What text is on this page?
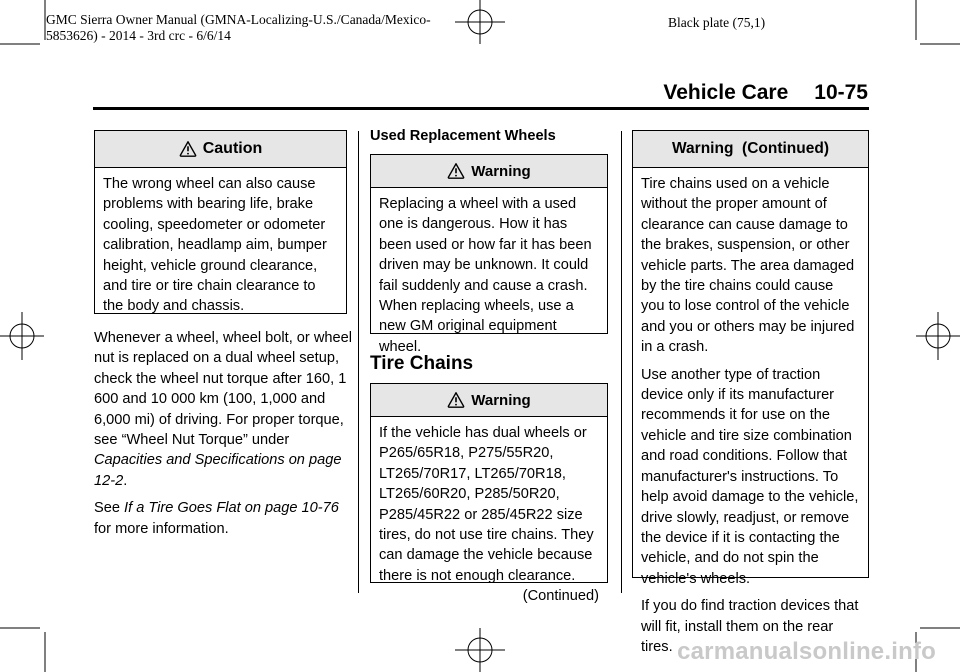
GMC Sierra Owner Manual (GMNA-Localizing-U.S./Canada/Mexico-
5853626) - 2014 - 3rd crc - 6/6/14
Black plate (75,1)
Vehicle Care 10-75
Caution

The wrong wheel can also cause problems with bearing life, brake cooling, speedometer or odometer calibration, headlamp aim, bumper height, vehicle ground clearance, and tire or tire chain clearance to the body and chassis.

Whenever a wheel, wheel bolt, or wheel nut is replaced on a dual wheel setup, check the wheel nut torque after 160, 1 600 and 10 000 km (100, 1,000 and 6,000 mi) of driving. For proper torque, see “Wheel Nut Torque” under Capacities and Specifications on page 12-2.

See If a Tire Goes Flat on page 10-76 for more information.

Used Replacement Wheels
Warning

Replacing a wheel with a used one is dangerous. How it has been used or how far it has been driven may be unknown. It could fail suddenly and cause a crash. When replacing wheels, use a new GM original equipment wheel.

Tire Chains
Warning

If the vehicle has dual wheels or P265/65R18, P275/55R20, LT265/70R17, LT265/70R18, LT265/60R20, P285/50R20, P285/45R22 or 285/45R22 size tires, do not use tire chains. They can damage the vehicle because there is not enough clearance.

(Continued)

Warning  (Continued)

Tire chains used on a vehicle without the proper amount of clearance can cause damage to the brakes, suspension, or other vehicle parts. The area damaged by the tire chains could cause you to lose control of the vehicle and you or others may be injured in a crash.

Use another type of traction device only if its manufacturer recommends it for use on the vehicle and tire size combination and road conditions. Follow that manufacturer's instructions. To help avoid damage to the vehicle, drive slowly, readjust, or remove the device if it is contacting the vehicle, and do not spin the vehicle's wheels.

If you do find traction devices that will fit, install them on the rear tires. carmanualsonline.info
